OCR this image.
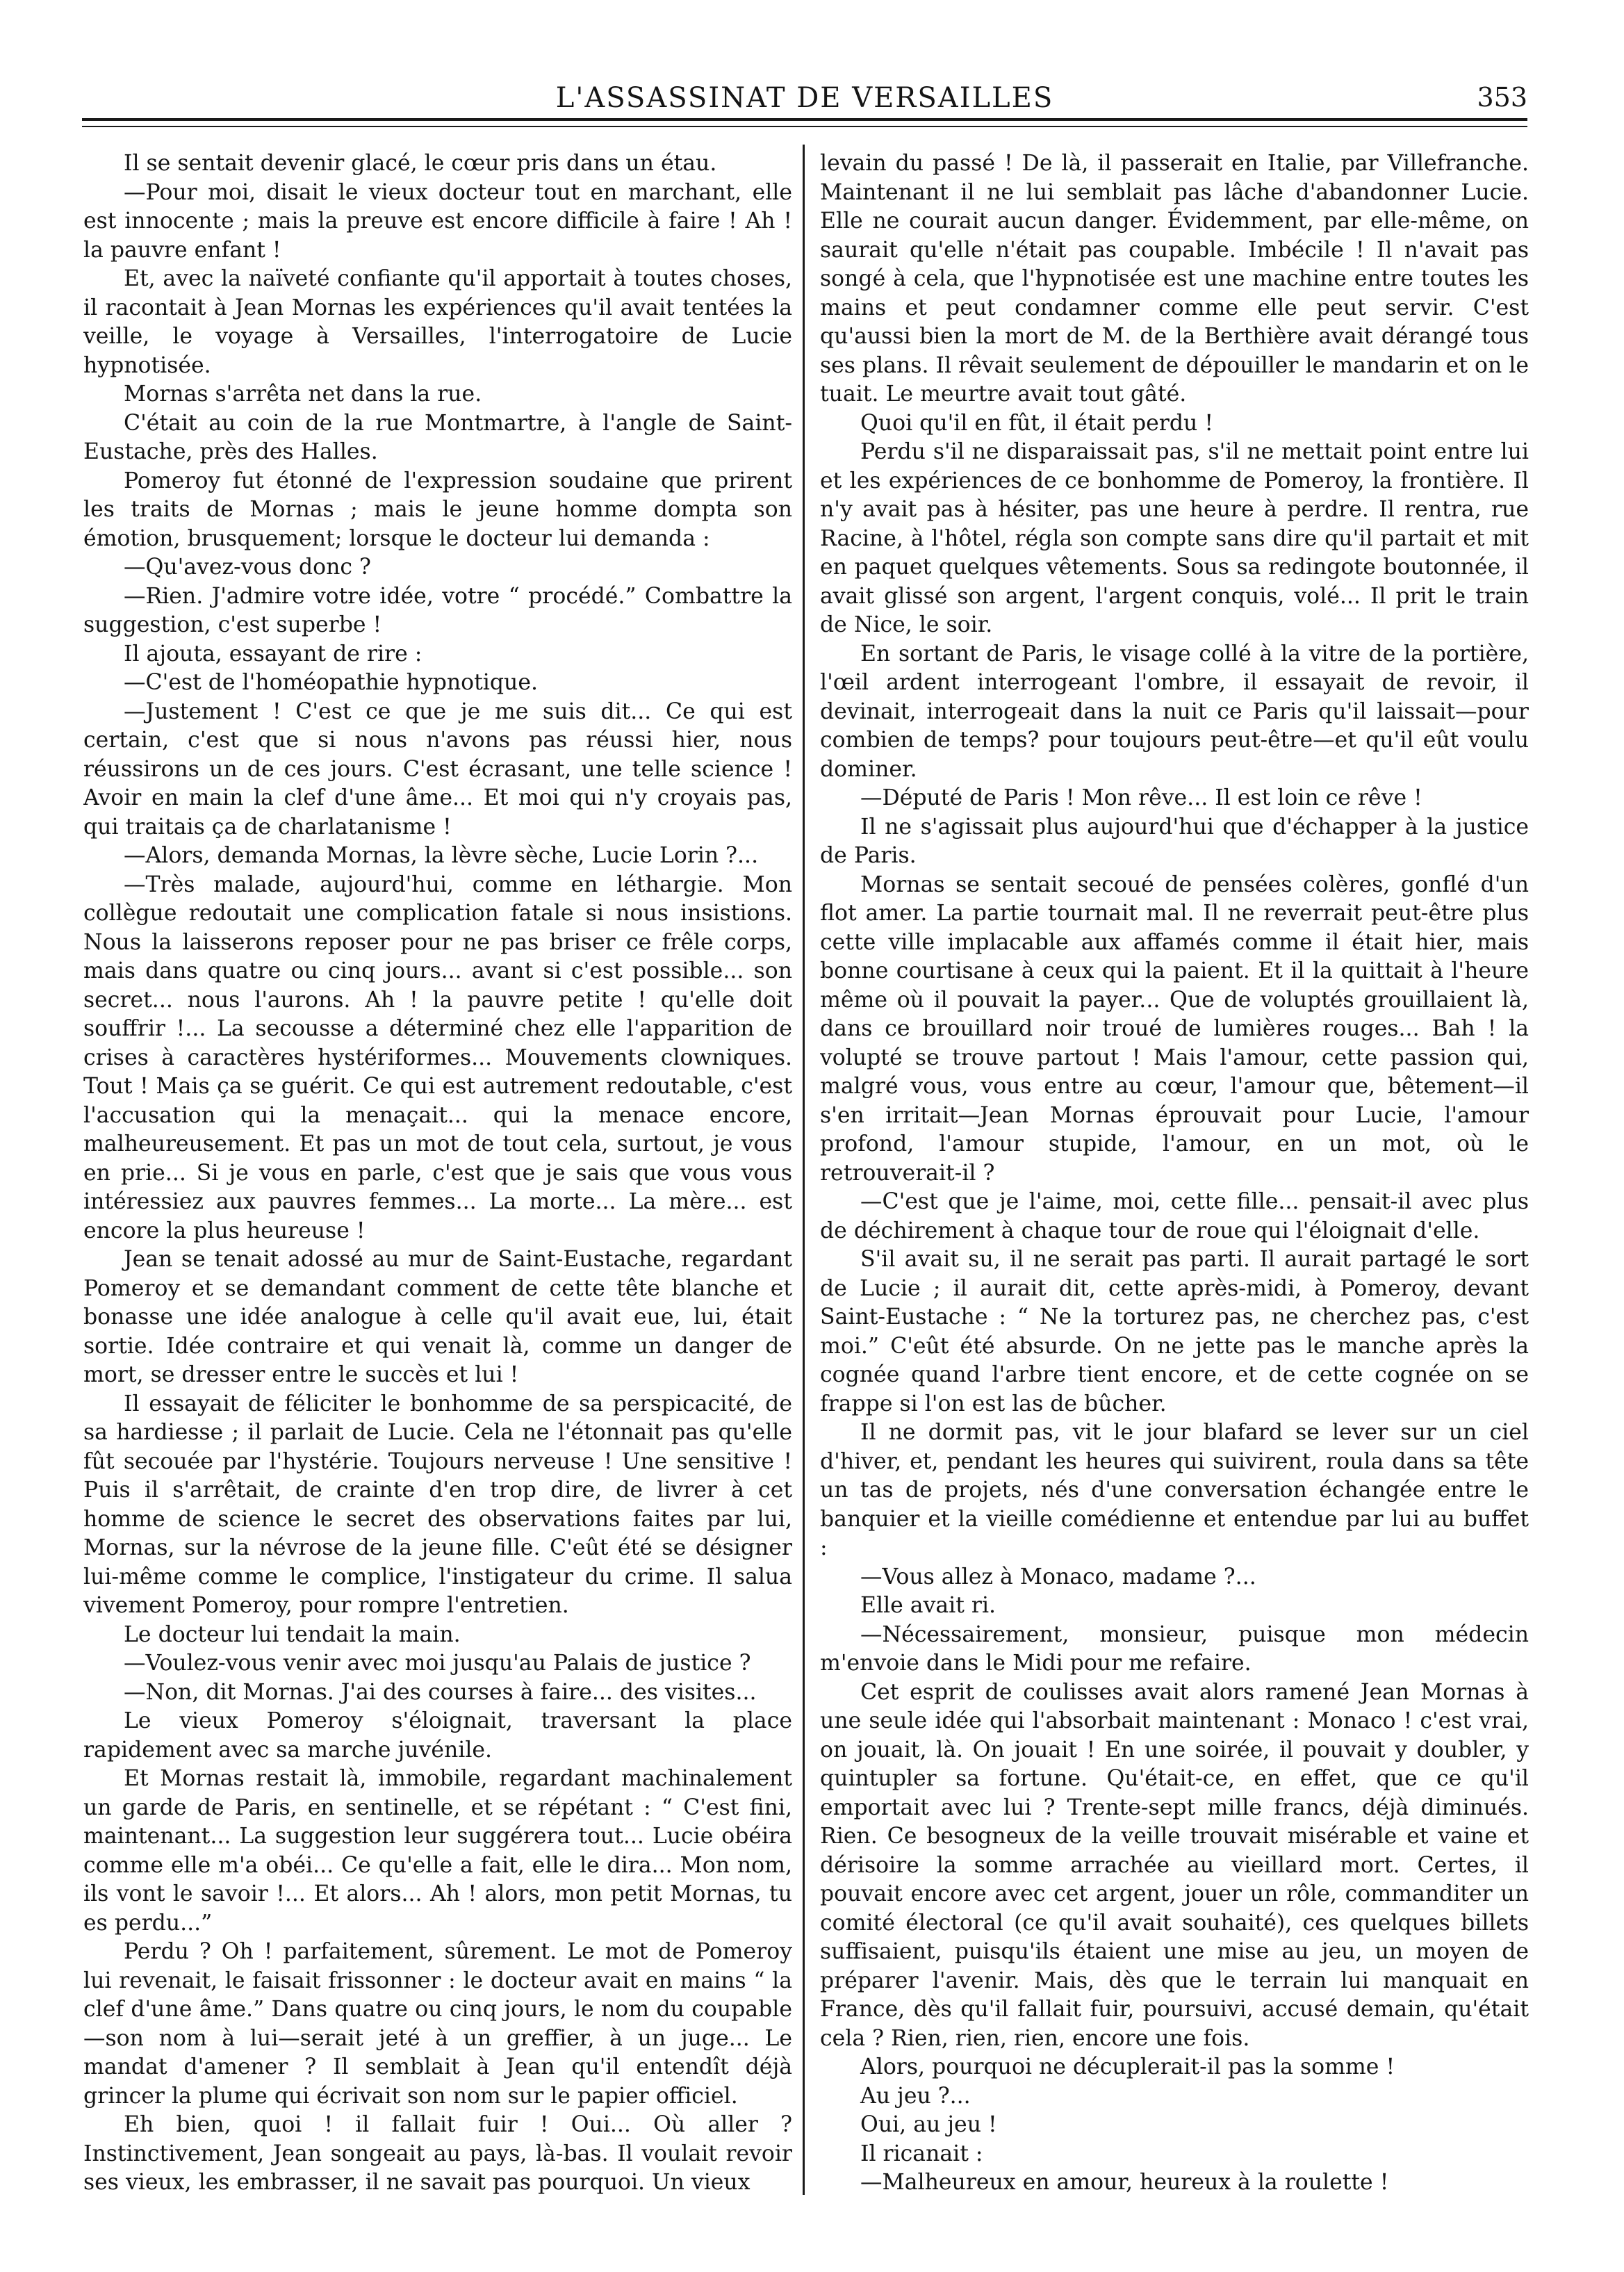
L'ASSASSINAT DE VERSAILLES	353

Il se sentait devenir glacé, le cœur pris dans un étau.

—Pour moi, disait le vieux docteur tout en marchant, elle est innocente ; mais la preuve est encore difficile à faire ! Ah ! la pauvre enfant !

Et, avec la naïveté confiante qu'il apportait à toutes choses, il racontait à Jean Mornas les expériences qu'il avait tentées la veille, le voyage à Versailles, l'interrogatoire de Lucie hypnotisée.

Mornas s'arrêta net dans la rue.

C'était au coin de la rue Montmartre, à l'angle de Saint-Eustache, près des Halles.

Pomeroy fut étonné de l'expression soudaine que prirent les traits de Mornas ; mais le jeune homme dompta son émotion, brusquement; lorsque le docteur lui demanda :

—Qu'avez-vous donc ?

—Rien. J'admire votre idée, votre “ procédé.” Combattre la suggestion, c'est superbe !

Il ajouta, essayant de rire :

—C'est de l'homéopathie hypnotique.

—Justement ! C'est ce que je me suis dit... Ce qui est certain, c'est que si nous n'avons pas réussi hier, nous réussirons un de ces jours. C'est écrasant, une telle science ! Avoir en main la clef d'une âme... Et moi qui n'y croyais pas, qui traitais ça de charlatanisme !

—Alors, demanda Mornas, la lèvre sèche, Lucie Lorin ?...

—Très malade, aujourd'hui, comme en léthargie. Mon collègue redoutait une complication fatale si nous insistions. Nous la laisserons reposer pour ne pas briser ce frêle corps, mais dans quatre ou cinq jours... avant si c'est possible... son secret... nous l'aurons. Ah ! la pauvre petite ! qu'elle doit souffrir !... La secousse a déterminé chez elle l'apparition de crises à caractères hystériformes... Mouvements clowniques. Tout ! Mais ça se guérit. Ce qui est autrement redoutable, c'est l'accusation qui la menaçait... qui la menace encore, malheureusement. Et pas un mot de tout cela, surtout, je vous en prie... Si je vous en parle, c'est que je sais que vous vous intéressiez aux pauvres femmes... La morte... La mère... est encore la plus heureuse !

Jean se tenait adossé au mur de Saint-Eustache, regardant Pomeroy et se demandant comment de cette tête blanche et bonasse une idée analogue à celle qu'il avait eue, lui, était sortie. Idée contraire et qui venait là, comme un danger de mort, se dresser entre le succès et lui !

Il essayait de féliciter le bonhomme de sa perspicacité, de sa hardiesse ; il parlait de Lucie. Cela ne l'étonnait pas qu'elle fût secouée par l'hystérie. Toujours nerveuse ! Une sensitive ! Puis il s'arrêtait, de crainte d'en trop dire, de livrer à cet homme de science le secret des observations faites par lui, Mornas, sur la névrose de la jeune fille. C'eût été se désigner lui-même comme le complice, l'instigateur du crime. Il salua vivement Pomeroy, pour rompre l'entretien.

Le docteur lui tendait la main.

—Voulez-vous venir avec moi jusqu'au Palais de justice ?

—Non, dit Mornas. J'ai des courses à faire... des visites...

Le vieux Pomeroy s'éloignait, traversant la place rapidement avec sa marche juvénile.

Et Mornas restait là, immobile, regardant machinalement un garde de Paris, en sentinelle, et se répétant : “ C'est fini, maintenant... La suggestion leur suggérera tout... Lucie obéira comme elle m'a obéi... Ce qu'elle a fait, elle le dira... Mon nom, ils vont le savoir !... Et alors... Ah ! alors, mon petit Mornas, tu es perdu...”

Perdu ? Oh ! parfaitement, sûrement. Le mot de Pomeroy lui revenait, le faisait frissonner : le docteur avait en mains “ la clef d'une âme.” Dans quatre ou cinq jours, le nom du coupable—son nom à lui—serait jeté à un greffier, à un juge... Le mandat d'amener ? Il semblait à Jean qu'il entendît déjà grincer la plume qui écrivait son nom sur le papier officiel.

Eh bien, quoi ! il fallait fuir ! Oui... Où aller ? Instinctivement, Jean songeait au pays, là-bas. Il voulait revoir ses vieux, les embrasser, il ne savait pas pourquoi. Un vieux

levain du passé ! De là, il passerait en Italie, par Villefranche. Maintenant il ne lui semblait pas lâche d'abandonner Lucie. Elle ne courait aucun danger. Évidemment, par elle-même, on saurait qu'elle n'était pas coupable. Imbécile ! Il n'avait pas songé à cela, que l'hypnotisée est une machine entre toutes les mains et peut condamner comme elle peut servir. C'est qu'aussi bien la mort de M. de la Berthière avait dérangé tous ses plans. Il rêvait seulement de dépouiller le mandarin et on le tuait. Le meurtre avait tout gâté.

Quoi qu'il en fût, il était perdu !

Perdu s'il ne disparaissait pas, s'il ne mettait point entre lui et les expériences de ce bonhomme de Pomeroy, la frontière. Il n'y avait pas à hésiter, pas une heure à perdre. Il rentra, rue Racine, à l'hôtel, régla son compte sans dire qu'il partait et mit en paquet quelques vêtements. Sous sa redingote boutonnée, il avait glissé son argent, l'argent conquis, volé... Il prit le train de Nice, le soir.

En sortant de Paris, le visage collé à la vitre de la portière, l'œil ardent interrogeant l'ombre, il essayait de revoir, il devinait, interrogeait dans la nuit ce Paris qu'il laissait—pour combien de temps? pour toujours peut-être—et qu'il eût voulu dominer.

—Député de Paris ! Mon rêve... Il est loin ce rêve !

Il ne s'agissait plus aujourd'hui que d'échapper à la justice de Paris.

Mornas se sentait secoué de pensées colères, gonflé d'un flot amer. La partie tournait mal. Il ne reverrait peut-être plus cette ville implacable aux affamés comme il était hier, mais bonne courtisane à ceux qui la paient. Et il la quittait à l'heure même où il pouvait la payer... Que de voluptés grouillaient là, dans ce brouillard noir troué de lumières rouges... Bah ! la volupté se trouve partout ! Mais l'amour, cette passion qui, malgré vous, vous entre au cœur, l'amour que, bêtement—il s'en irritait—Jean Mornas éprouvait pour Lucie, l'amour profond, l'amour stupide, l'amour, en un mot, où le retrouverait-il ?

—C'est que je l'aime, moi, cette fille... pensait-il avec plus de déchirement à chaque tour de roue qui l'éloignait d'elle.

S'il avait su, il ne serait pas parti. Il aurait partagé le sort de Lucie ; il aurait dit, cette après-midi, à Pomeroy, devant Saint-Eustache : “ Ne la torturez pas, ne cherchez pas, c'est moi.” C'eût été absurde. On ne jette pas le manche après la cognée quand l'arbre tient encore, et de cette cognée on se frappe si l'on est las de bûcher.

Il ne dormit pas, vit le jour blafard se lever sur un ciel d'hiver, et, pendant les heures qui suivirent, roula dans sa tête un tas de projets, nés d'une conversation échangée entre le banquier et la vieille comédienne et entendue par lui au buffet :

—Vous allez à Monaco, madame ?...

Elle avait ri.

—Nécessairement, monsieur, puisque mon médecin m'envoie dans le Midi pour me refaire.

Cet esprit de coulisses avait alors ramené Jean Mornas à une seule idée qui l'absorbait maintenant : Monaco ! c'est vrai, on jouait, là. On jouait ! En une soirée, il pouvait y doubler, y quintupler sa fortune. Qu'était-ce, en effet, que ce qu'il emportait avec lui ? Trente-sept mille francs, déjà diminués. Rien. Ce besogneux de la veille trouvait misérable et vaine et dérisoire la somme arrachée au vieillard mort. Certes, il pouvait encore avec cet argent, jouer un rôle, commanditer un comité électoral (ce qu'il avait souhaité), ces quelques billets suffisaient, puisqu'ils étaient une mise au jeu, un moyen de préparer l'avenir. Mais, dès que le terrain lui manquait en France, dès qu'il fallait fuir, poursuivi, accusé demain, qu'était cela ? Rien, rien, rien, encore une fois.

Alors, pourquoi ne décuplerait-il pas la somme !

Au jeu ?...

Oui, au jeu !

Il ricanait :

—Malheureux en amour, heureux à la roulette !
